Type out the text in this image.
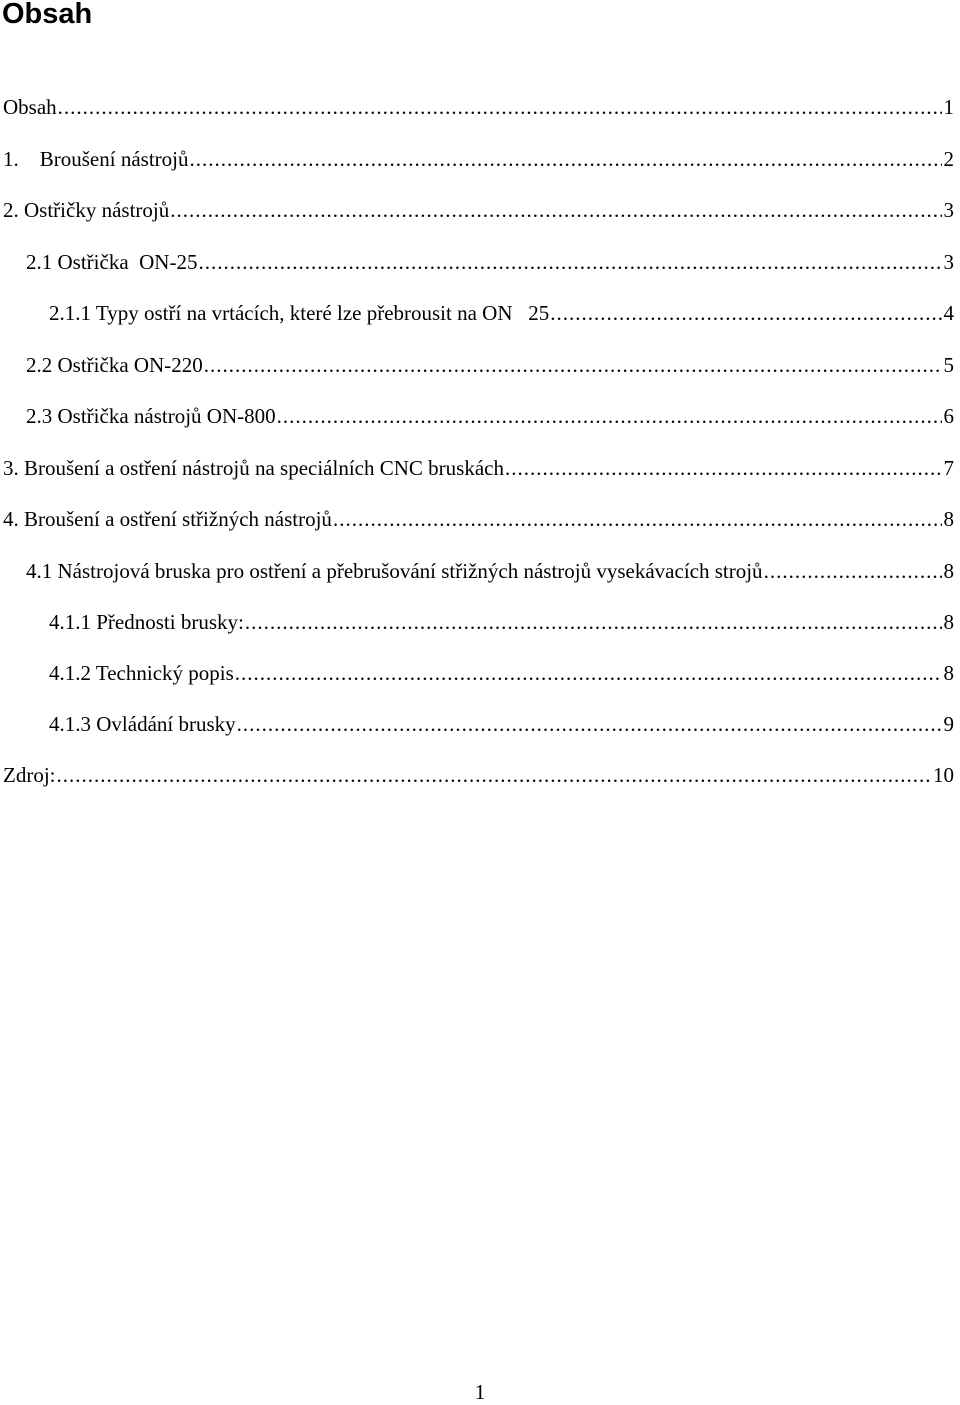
Obsah
Obsah .....	1
1.    Broušení nástrojů .....	2
2. Ostřičky nástrojů .....	3
2.1 Ostřička  ON-25 .....	3
2.1.1 Typy ostří na vrtácích, které lze přebrousit na ON   25 .....	4
2.2 Ostřička ON-220 .....	5
2.3 Ostřička nástrojů ON-800 .....	6
3. Broušení a ostření nástrojů na speciálních CNC bruskách .....	7
4. Broušení a ostření střižných nástrojů .....	8
4.1 Nástrojová bruska pro ostření a přebrušování střižných nástrojů vysekávacích strojů .....	8
4.1.1 Přednosti brusky: .....	8
4.1.2 Technický popis .....	8
4.1.3 Ovládání brusky .....	9
Zdroj: .....	10
1
